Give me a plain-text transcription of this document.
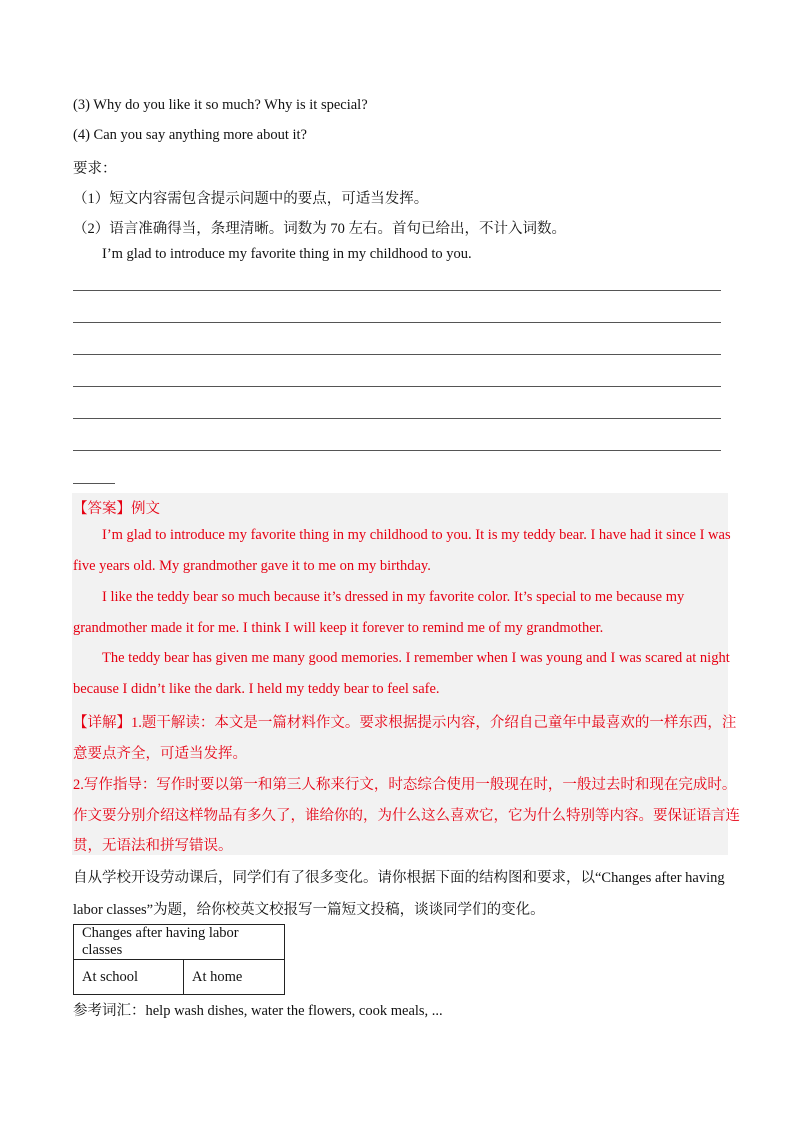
(3) Why do you like it so much? Why is it special?
(4) Can you say anything more about it?
要求：
（1）短文内容需包含提示问题中的要点，可适当发挥。
（2）语言准确得当，条理清晰。词数为 70 左右。首句已给出，不计入词数。
I’m glad to introduce my favorite thing in my childhood to you.
【答案】例文
I’m glad to introduce my favorite thing in my childhood to you. It is my teddy bear. I have had it since I was
five years old. My grandmother gave it to me on my birthday.
I like the teddy bear so much because it’s dressed in my favorite color. It’s special to me because my
grandmother made it for me. I think I will keep it forever to remind me of my grandmother.
The teddy bear has given me many good memories. I remember when I was young and I was scared at night
because I didn’t like the dark. I held my teddy bear to feel safe.
【详解】1.题干解读：本文是一篇材料作文。要求根据提示内容，介绍自己童年中最喜欢的一样东西，注
意要点齐全，可适当发挥。
2.写作指导：写作时要以第一和第三人称来行文，时态综合使用一般现在时，一般过去时和现在完成时。
作文要分别介绍这样物品有多久了，谁给你的，为什么这么喜欢它，它为什么特别等内容。要保证语言连
贯，无语法和拼写错误。
自从学校开设劳动课后，同学们有了很多变化。请你根据下面的结构图和要求，以“Changes after having
labor classes”为题，给你校英文校报写一篇短文投稿，谈谈同学们的变化。
Changes after having labor classes
At school	At home
参考词汇：help wash dishes, water the flowers, cook meals, ...
